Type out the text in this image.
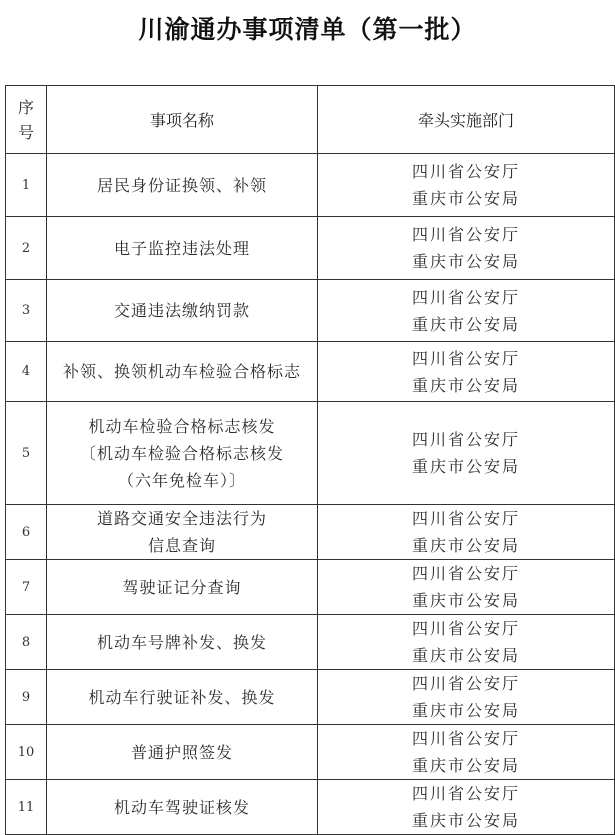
川渝通办事项清单（第一批）
序
号	事项名称	牵头实施部门
1	居民身份证换领、补领	四川省公安厅
重庆市公安局

2	电子监控违法处理	四川省公安厅
重庆市公安局

3	交通违法缴纳罚款	四川省公安厅
重庆市公安局

4	补领、换领机动车检验合格标志	四川省公安厅
重庆市公安局

5	机动车检验合格标志核发
〔机动车检验合格标志核发
（六年免检车）〕	四川省公安厅
重庆市公安局

6	道路交通安全违法行为
信息查询	四川省公安厅
重庆市公安局

7	驾驶证记分查询	四川省公安厅
重庆市公安局

8	机动车号牌补发、换发	四川省公安厅
重庆市公安局

9	机动车行驶证补发、换发	四川省公安厅
重庆市公安局

10	普通护照签发	四川省公安厅
重庆市公安局

11	机动车驾驶证核发	四川省公安厅
重庆市公安局
